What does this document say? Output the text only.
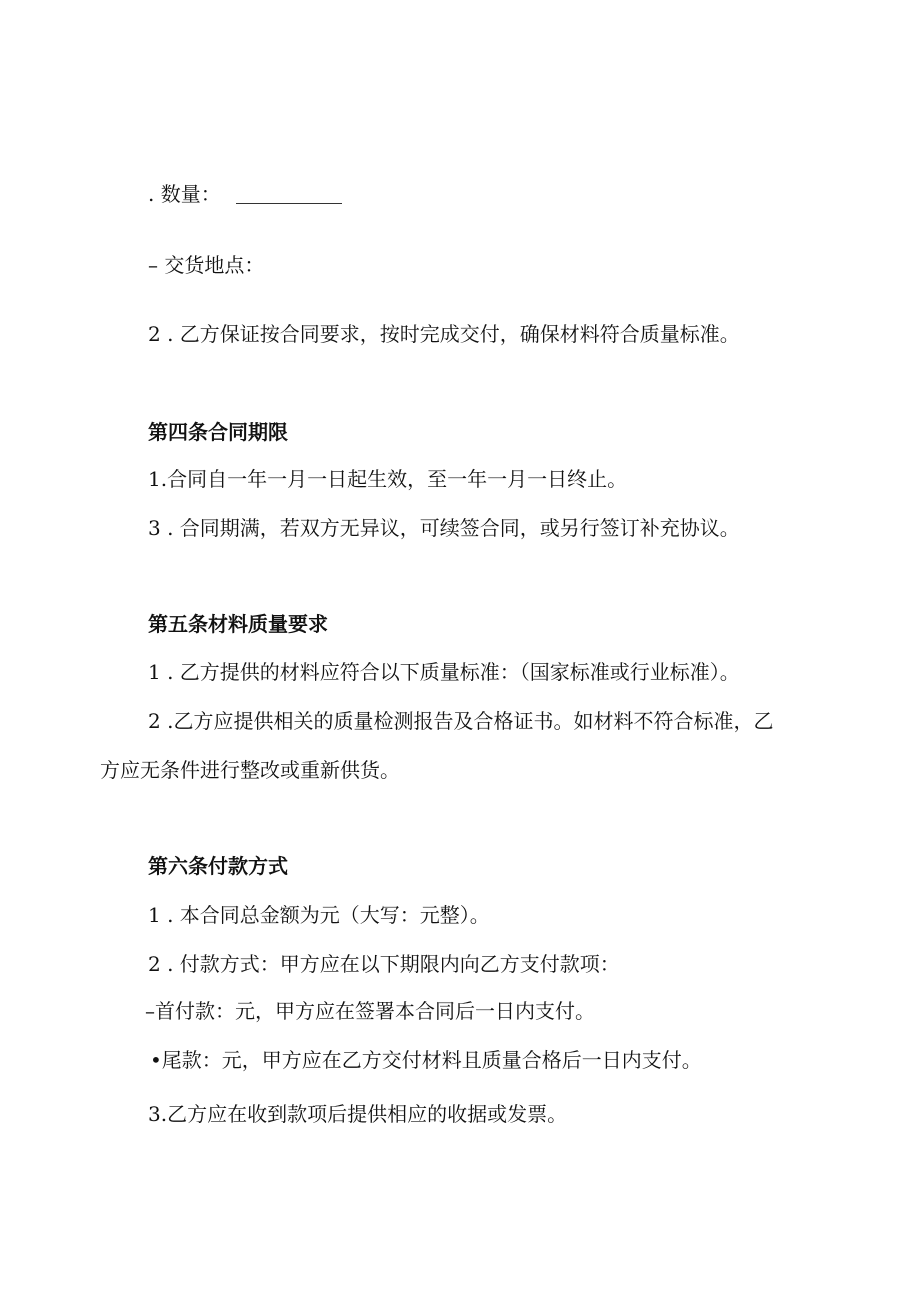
. 数量：

– 交货地点：

2 . 乙方保证按合同要求，按时完成交付，确保材料符合质量标准。

第四条合同期限

1.合同自一年一月一日起生效，至一年一月一日终止。

3 . 合同期满，若双方无异议，可续签合同，或另行签订补充协议。

第五条材料质量要求

1 . 乙方提供的材料应符合以下质量标准：（国家标准或行业标准）。

2 .乙方应提供相关的质量检测报告及合格证书。如材料不符合标准，乙

方应无条件进行整改或重新供货。

第六条付款方式

1 . 本合同总金额为元（大写：元整）。

2 . 付款方式：甲方应在以下期限内向乙方支付款项：

–首付款：元，甲方应在签署本合同后一日内支付。

•尾款：元，甲方应在乙方交付材料且质量合格后一日内支付。

3.乙方应在收到款项后提供相应的收据或发票。
